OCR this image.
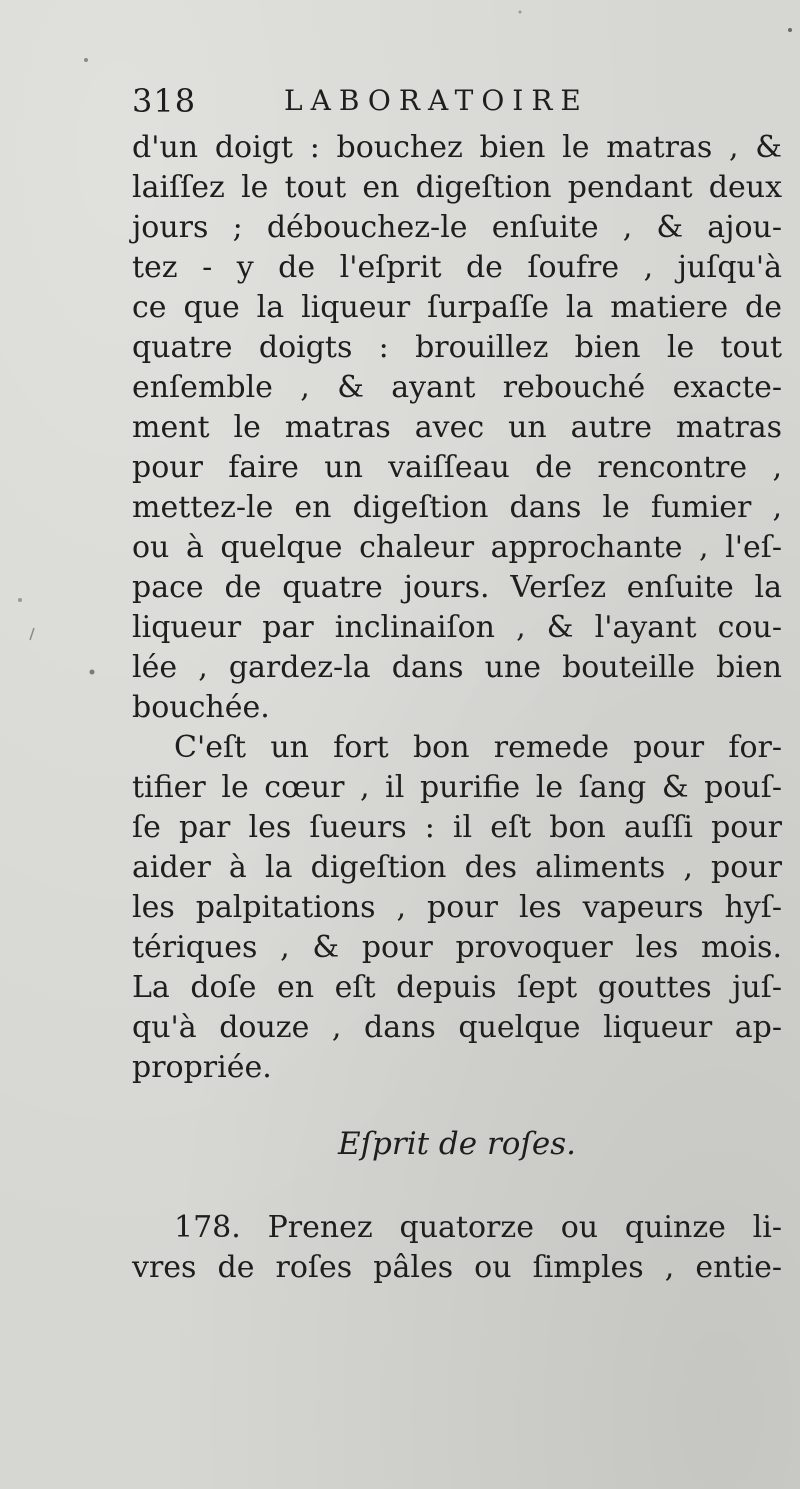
318	LABORATOIRE
d'un doigt : bouchez bien le matras , &
laiſſez le tout en digeſtion pendant deux
jours ; débouchez-le enſuite , & ajou-
tez - y de l'eſprit de ſoufre , juſqu'à
ce que la liqueur ſurpaſſe la matiere de
quatre doigts : brouillez bien le tout
enſemble , & ayant rebouché exacte-
ment le matras avec un autre matras
pour faire un vaiſſeau de rencontre ,
mettez-le en digeſtion dans le fumier ,
ou à quelque chaleur approchante , l'eſ-
pace de quatre jours. Verſez enſuite la
liqueur par inclinaiſon , & l'ayant cou-
lée , gardez-la dans une bouteille bien
bouchée.
C'eſt un fort bon remede pour for-
tifier le cœur , il purifie le ſang & pouſ-
ſe par les ſueurs : il eſt bon auſſi pour
aider à la digeſtion des aliments , pour
les palpitations , pour les vapeurs hyſ-
tériques , & pour provoquer les mois.
La doſe en eſt depuis ſept gouttes juſ-
qu'à douze , dans quelque liqueur ap-
propriée.
Eſprit de roſes.
178. Prenez quatorze ou quinze li-
vres de roſes pâles ou ſimples , entie-
